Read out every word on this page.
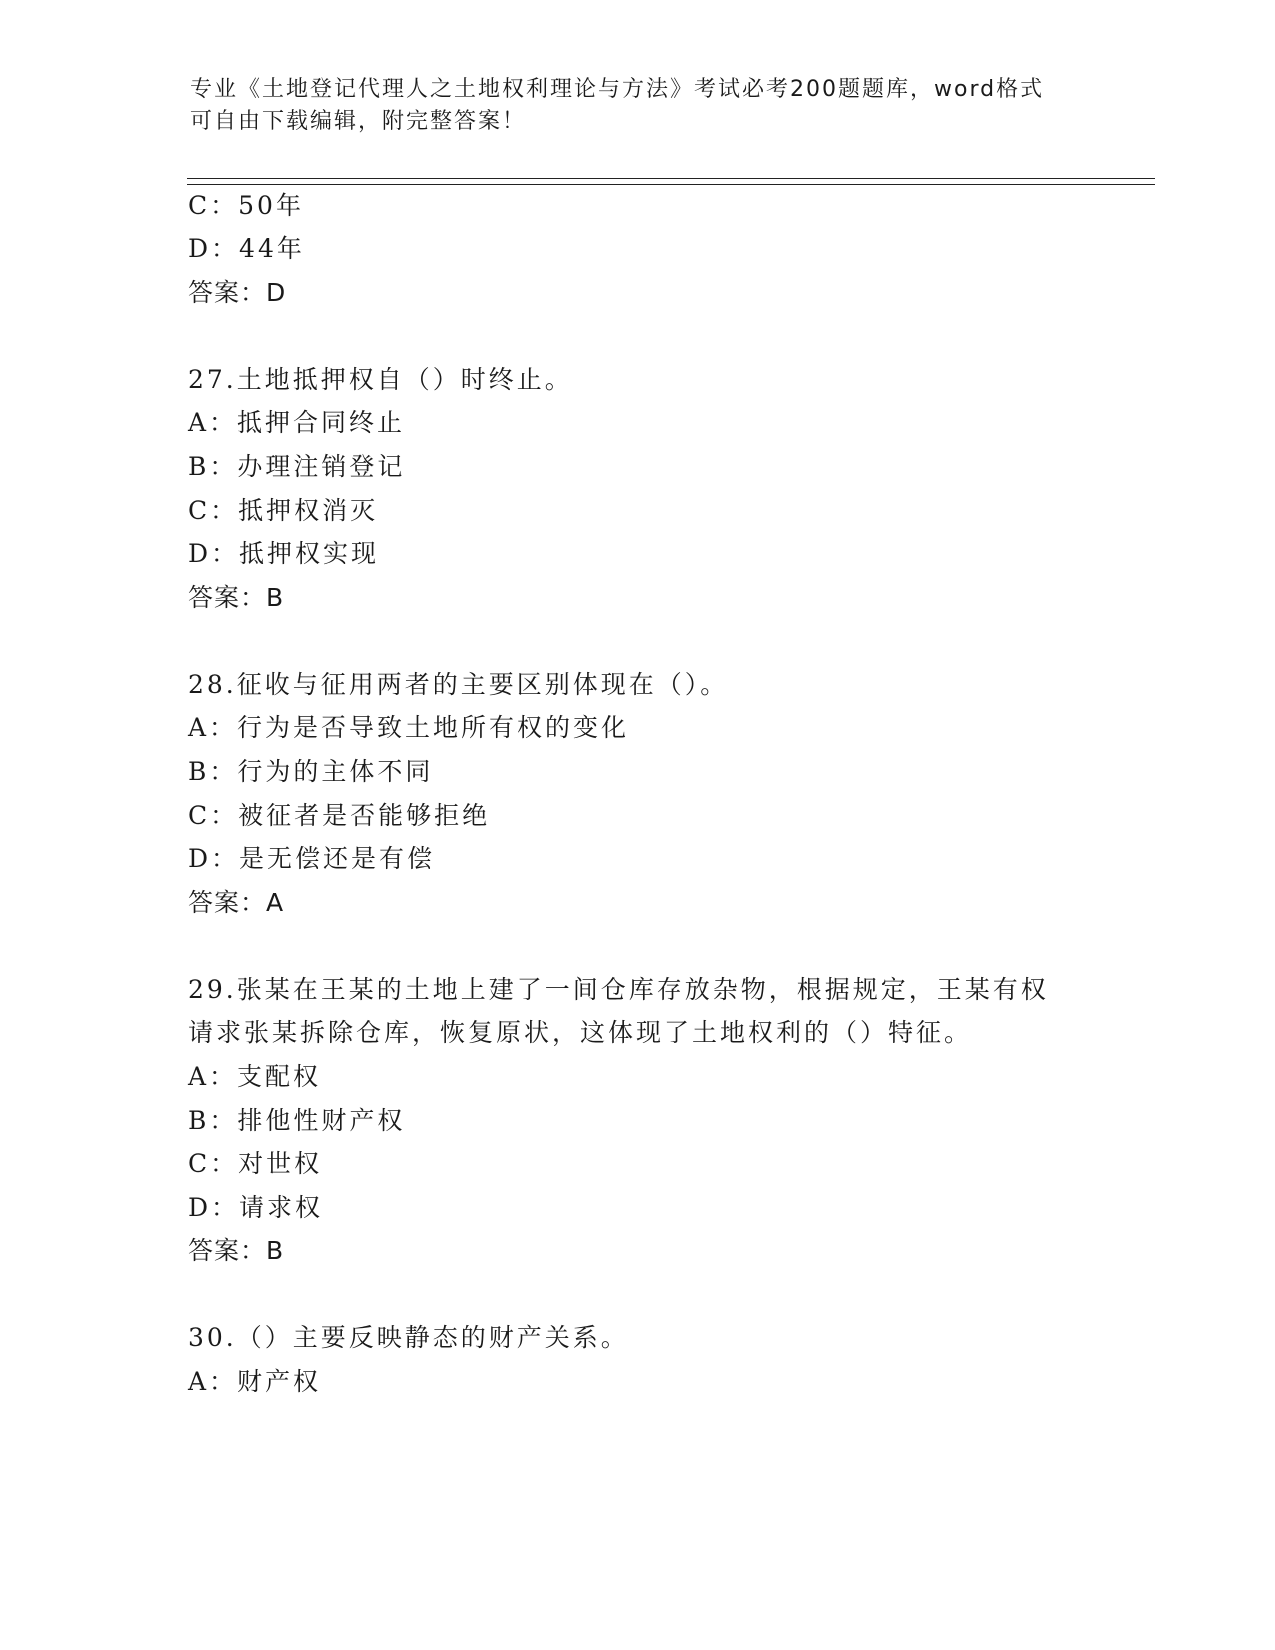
专业《土地登记代理人之土地权利理论与方法》考试必考200题题库，word格式
可自由下载编辑，附完整答案！
C：50年
D：44年
答案：D
27.土地抵押权自（）时终止。
A：抵押合同终止
B：办理注销登记
C：抵押权消灭
D：抵押权实现
答案：B
28.征收与征用两者的主要区别体现在（）。
A：行为是否导致土地所有权的变化
B：行为的主体不同
C：被征者是否能够拒绝
D：是无偿还是有偿
答案：A
29.张某在王某的土地上建了一间仓库存放杂物，根据规定，王某有权
请求张某拆除仓库，恢复原状，这体现了土地权利的（）特征。
A：支配权
B：排他性财产权
C：对世权
D：请求权
答案：B
30.（）主要反映静态的财产关系。
A：财产权
